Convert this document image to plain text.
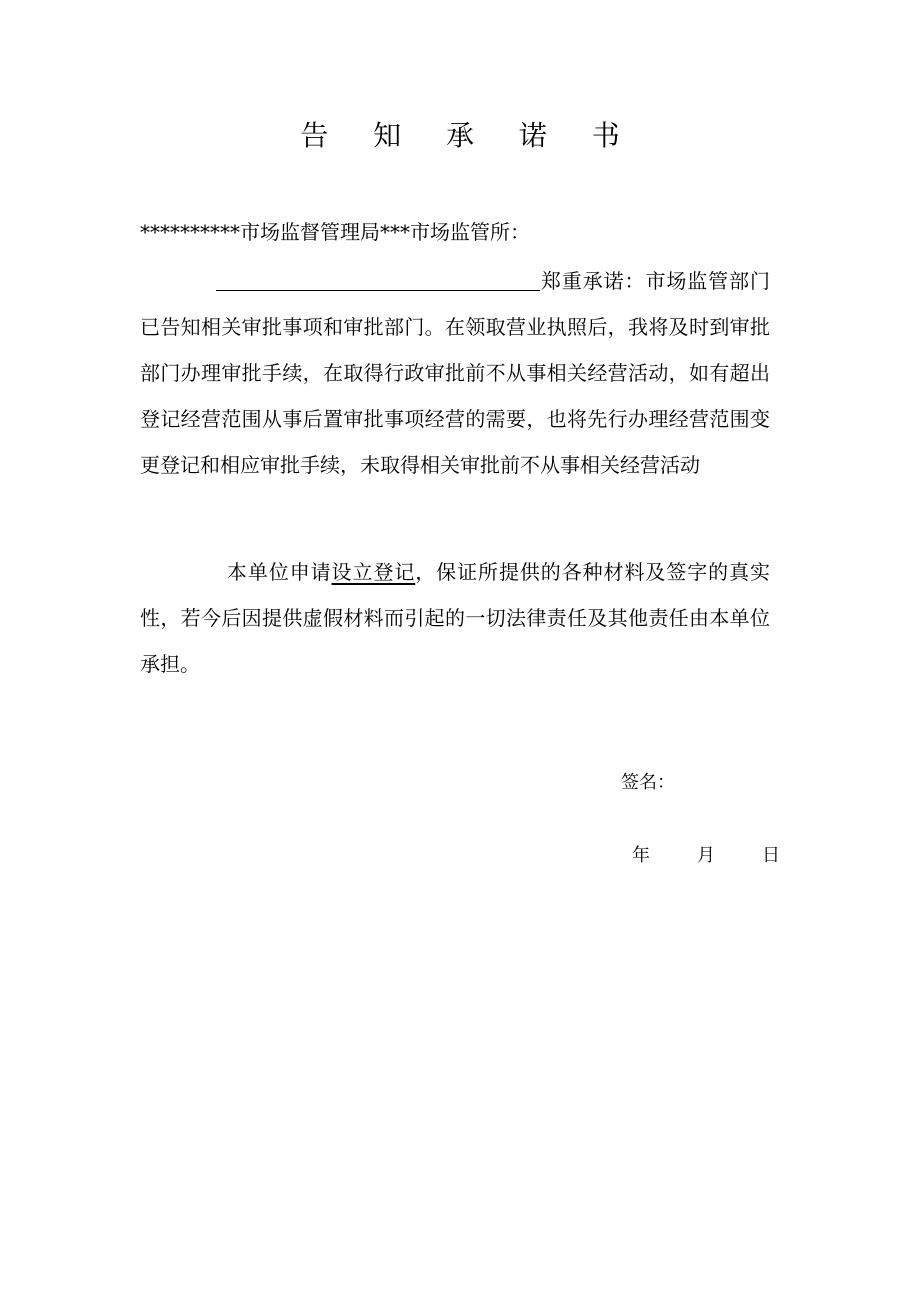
告 知 承 诺 书
**********市场监督管理局***市场监管所：
郑重承诺：市场监管部门已告知相关审批事项和审批部门。在领取营业执照后，我将及时到审批部门办理审批手续，在取得行政审批前不从事相关经营活动，如有超出登记经营范围从事后置审批事项经营的需要，也将先行办理经营范围变更登记和相应审批手续，未取得相关审批前不从事相关经营活动
本单位申请设立登记，保证所提供的各种材料及签字的真实性，若今后因提供虚假材料而引起的一切法律责任及其他责任由本单位承担。
签名：
年	月	日
